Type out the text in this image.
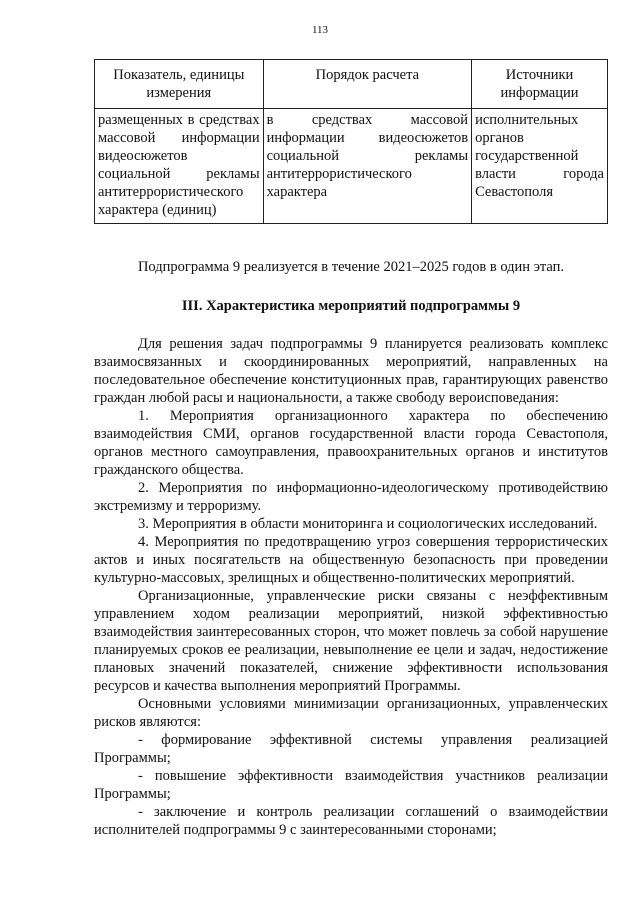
113
Показатель, единицы измерения	Порядок расчета	Источники информации
размещенных в средствах массовой информации видеосюжетов социальной рекламы антитеррористического характера (единиц)	в средствах массовой информации видеосюжетов социальной рекламы антитеррористического характера	исполнительных органов государственной власти города Севастополя

Подпрограмма 9 реализуется в течение 2021–2025 годов в один этап.

III. Характеристика мероприятий подпрограммы 9

Для решения задач подпрограммы 9 планируется реализовать комплекс взаимосвязанных и скоординированных мероприятий, направленных на последовательное обеспечение конституционных прав, гарантирующих равенство граждан любой расы и национальности, а также свободу вероисповедания:

1. Мероприятия организационного характера по обеспечению взаимодействия СМИ, органов государственной власти города Севастополя, органов местного самоуправления, правоохранительных органов и институтов гражданского общества.

2. Мероприятия по информационно-идеологическому противодействию экстремизму и терроризму.

3. Мероприятия в области мониторинга и социологических исследований.

4. Мероприятия по предотвращению угроз совершения террористических актов и иных посягательств на общественную безопасность при проведении культурно-массовых, зрелищных и общественно-политических мероприятий.

Организационные, управленческие риски связаны с неэффективным управлением ходом реализации мероприятий, низкой эффективностью взаимодействия заинтересованных сторон, что может повлечь за собой нарушение планируемых сроков ее реализации, невыполнение ее цели и задач, недостижение плановых значений показателей, снижение эффективности использования ресурсов и качества выполнения мероприятий Программы.

Основными условиями минимизации организационных, управленческих рисков являются:

- формирование эффективной системы управления реализацией Программы;

- повышение эффективности взаимодействия участников реализации Программы;

- заключение и контроль реализации соглашений о взаимодействии исполнителей подпрограммы 9 с заинтересованными сторонами;
